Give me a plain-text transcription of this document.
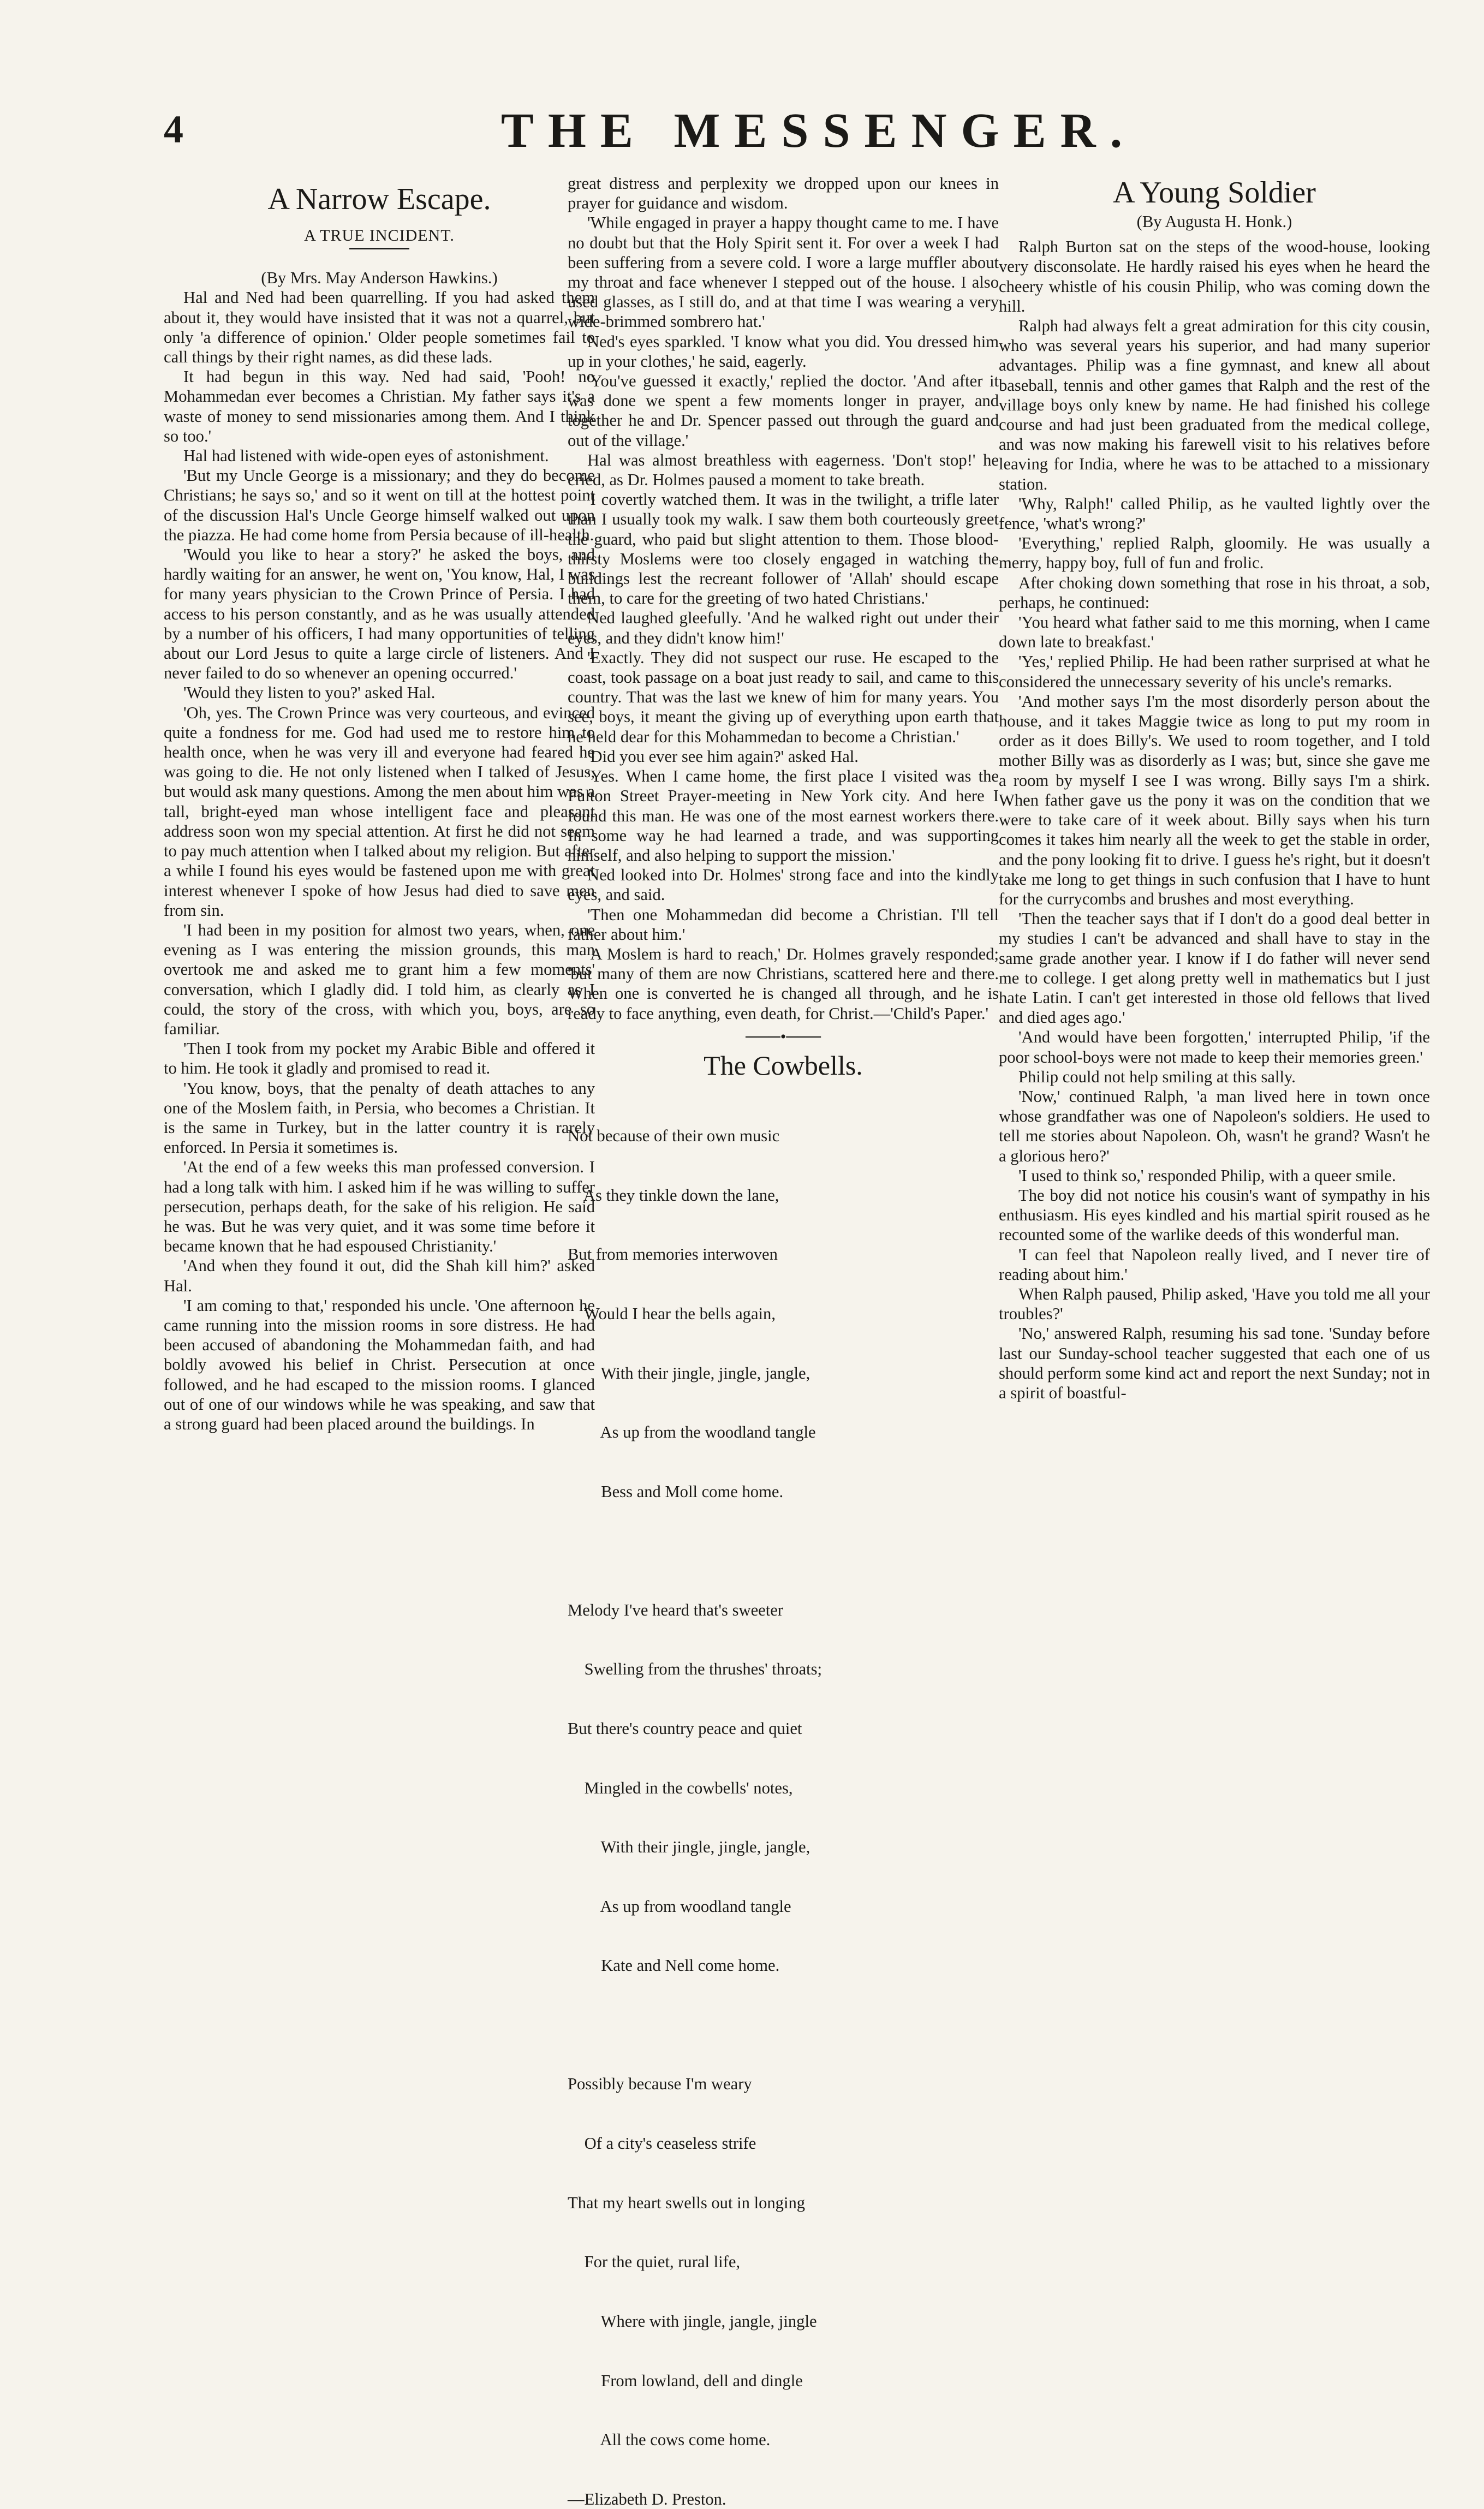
4	THE MESSENGER.
A Narrow Escape.
A TRUE INCIDENT.

(By Mrs. May Anderson Hawkins.)

Hal and Ned had been quarrelling. If you had asked them about it, they would have insisted that it was not a quarrel, but only 'a difference of opinion.' Older people sometimes fail to call things by their right names, as did these lads.

It had begun in this way. Ned had said, 'Pooh! no Mohammedan ever becomes a Christian. My father says it's a waste of money to send missionaries among them. And I think so too.'

Hal had listened with wide-open eyes of astonishment.

'But my Uncle George is a missionary; and they do become Christians; he says so,' and so it went on till at the hottest point of the discussion Hal's Uncle George himself walked out upon the piazza. He had come home from Persia because of ill-health.

'Would you like to hear a story?' he asked the boys, and hardly waiting for an answer, he went on, 'You know, Hal, I was for many years physician to the Crown Prince of Persia. I had access to his person constantly, and as he was usually attended by a number of his officers, I had many opportunities of telling about our Lord Jesus to quite a large circle of listeners. And I never failed to do so whenever an opening occurred.'

'Would they listen to you?' asked Hal.

'Oh, yes. The Crown Prince was very courteous, and evinced quite a fondness for me. God had used me to restore him to health once, when he was very ill and everyone had feared he was going to die. He not only listened when I talked of Jesus, but would ask many questions. Among the men about him was a tall, bright-eyed man whose intelligent face and pleasant address soon won my special attention. At first he did not seem to pay much attention when I talked about my religion. But after a while I found his eyes would be fastened upon me with great interest whenever I spoke of how Jesus had died to save men from sin.

'I had been in my position for almost two years, when, one evening as I was entering the mission grounds, this man overtook me and asked me to grant him a few moments' conversation, which I gladly did. I told him, as clearly as I could, the story of the cross, with which you, boys, are so familiar.

'Then I took from my pocket my Arabic Bible and offered it to him. He took it gladly and promised to read it.

'You know, boys, that the penalty of death attaches to any one of the Moslem faith, in Persia, who becomes a Christian. It is the same in Turkey, but in the latter country it is rarely enforced. In Persia it sometimes is.

'At the end of a few weeks this man professed conversion. I had a long talk with him. I asked him if he was willing to suffer persecution, perhaps death, for the sake of his religion. He said he was. But he was very quiet, and it was some time before it became known that he had espoused Christianity.'

'And when they found it out, did the Shah kill him?' asked Hal.

'I am coming to that,' responded his uncle. 'One afternoon he came running into the mission rooms in sore distress. He had been accused of abandoning the Mohammedan faith, and had boldly avowed his belief in Christ. Persecution at once followed, and he had escaped to the mission rooms. I glanced out of one of our windows while he was speaking, and saw that a strong guard had been placed around the buildings. In

great distress and perplexity we dropped upon our knees in prayer for guidance and wisdom.

'While engaged in prayer a happy thought came to me. I have no doubt but that the Holy Spirit sent it. For over a week I had been suffering from a severe cold. I wore a large muffler about my throat and face whenever I stepped out of the house. I also used glasses, as I still do, and at that time I was wearing a very wide-brimmed sombrero hat.'

Ned's eyes sparkled. 'I know what you did. You dressed him up in your clothes,' he said, eagerly.

'You've guessed it exactly,' replied the doctor. 'And after it was done we spent a few moments longer in prayer, and together he and Dr. Spencer passed out through the guard and out of the village.'

Hal was almost breathless with eagerness. 'Don't stop!' he cried, as Dr. Holmes paused a moment to take breath.

'I covertly watched them. It was in the twilight, a trifle later than I usually took my walk. I saw them both courteously greet the guard, who paid but slight attention to them. Those blood-thirsty Moslems were too closely engaged in watching the buildings lest the recreant follower of 'Allah' should escape them, to care for the greeting of two hated Christians.'

Ned laughed gleefully. 'And he walked right out under their eyes, and they didn't know him!'

'Exactly. They did not suspect our ruse. He escaped to the coast, took passage on a boat just ready to sail, and came to this country. That was the last we knew of him for many years. You see, boys, it meant the giving up of everything upon earth that he held dear for this Mohammedan to become a Christian.'

'Did you ever see him again?' asked Hal.

'Yes. When I came home, the first place I visited was the Fulton Street Prayer-meeting in New York city. And here I found this man. He was one of the most earnest workers there. In some way he had learned a trade, and was supporting himself, and also helping to support the mission.'

Ned looked into Dr. Holmes' strong face and into the kindly eyes, and said.

'Then one Mohammedan did become a Christian. I'll tell father about him.'

'A Moslem is hard to reach,' Dr. Holmes gravely responded; 'but many of them are now Christians, scattered here and there. When one is converted he is changed all through, and he is ready to face anything, even death, for Christ.—'Child's Paper.'

───•───
The Cowbells.

Not because of their own music

As they tinkle down the lane,

But from memories interwoven

Would I hear the bells again,

With their jingle, jingle, jangle,

As up from the woodland tangle

Bess and Moll come home.

Melody I've heard that's sweeter

Swelling from the thrushes' throats;

But there's country peace and quiet

Mingled in the cowbells' notes,

With their jingle, jingle, jangle,

As up from woodland tangle

Kate and Nell come home.

Possibly because I'm weary

Of a city's ceaseless strife

That my heart swells out in longing

For the quiet, rural life,

Where with jingle, jangle, jingle

From lowland, dell and dingle

All the cows come home.

—Elizabeth D. Preston.
A Young Soldier

(By Augusta H. Honk.)

Ralph Burton sat on the steps of the wood-house, looking very disconsolate. He hardly raised his eyes when he heard the cheery whistle of his cousin Philip, who was coming down the hill.

Ralph had always felt a great admiration for this city cousin, who was several years his superior, and had many superior advantages. Philip was a fine gymnast, and knew all about baseball, tennis and other games that Ralph and the rest of the village boys only knew by name. He had finished his college course and had just been graduated from the medical college, and was now making his farewell visit to his relatives before leaving for India, where he was to be attached to a missionary station.

'Why, Ralph!' called Philip, as he vaulted lightly over the fence, 'what's wrong?'

'Everything,' replied Ralph, gloomily. He was usually a merry, happy boy, full of fun and frolic.

After choking down something that rose in his throat, a sob, perhaps, he continued:

'You heard what father said to me this morning, when I came down late to breakfast.'

'Yes,' replied Philip. He had been rather surprised at what he considered the unnecessary severity of his uncle's remarks.

'And mother says I'm the most disorderly person about the house, and it takes Maggie twice as long to put my room in order as it does Billy's. We used to room together, and I told mother Billy was as disorderly as I was; but, since she gave me a room by myself I see I was wrong. Billy says I'm a shirk. When father gave us the pony it was on the condition that we were to take care of it week about. Billy says when his turn comes it takes him nearly all the week to get the stable in order, and the pony looking fit to drive. I guess he's right, but it doesn't take me long to get things in such confusion that I have to hunt for the currycombs and brushes and most everything.

'Then the teacher says that if I don't do a good deal better in my studies I can't be advanced and shall have to stay in the same grade another year. I know if I do father will never send me to college. I get along pretty well in mathematics but I just hate Latin. I can't get interested in those old fellows that lived and died ages ago.'

'And would have been forgotten,' interrupted Philip, 'if the poor school-boys were not made to keep their memories green.'

Philip could not help smiling at this sally.

'Now,' continued Ralph, 'a man lived here in town once whose grandfather was one of Napoleon's soldiers. He used to tell me stories about Napoleon. Oh, wasn't he grand? Wasn't he a glorious hero?'

'I used to think so,' responded Philip, with a queer smile.

The boy did not notice his cousin's want of sympathy in his enthusiasm. His eyes kindled and his martial spirit roused as he recounted some of the warlike deeds of this wonderful man.

'I can feel that Napoleon really lived, and I never tire of reading about him.'

When Ralph paused, Philip asked, 'Have you told me all your troubles?'

'No,' answered Ralph, resuming his sad tone. 'Sunday before last our Sunday-school teacher suggested that each one of us should perform some kind act and report the next Sunday; not in a spirit of boastful-
